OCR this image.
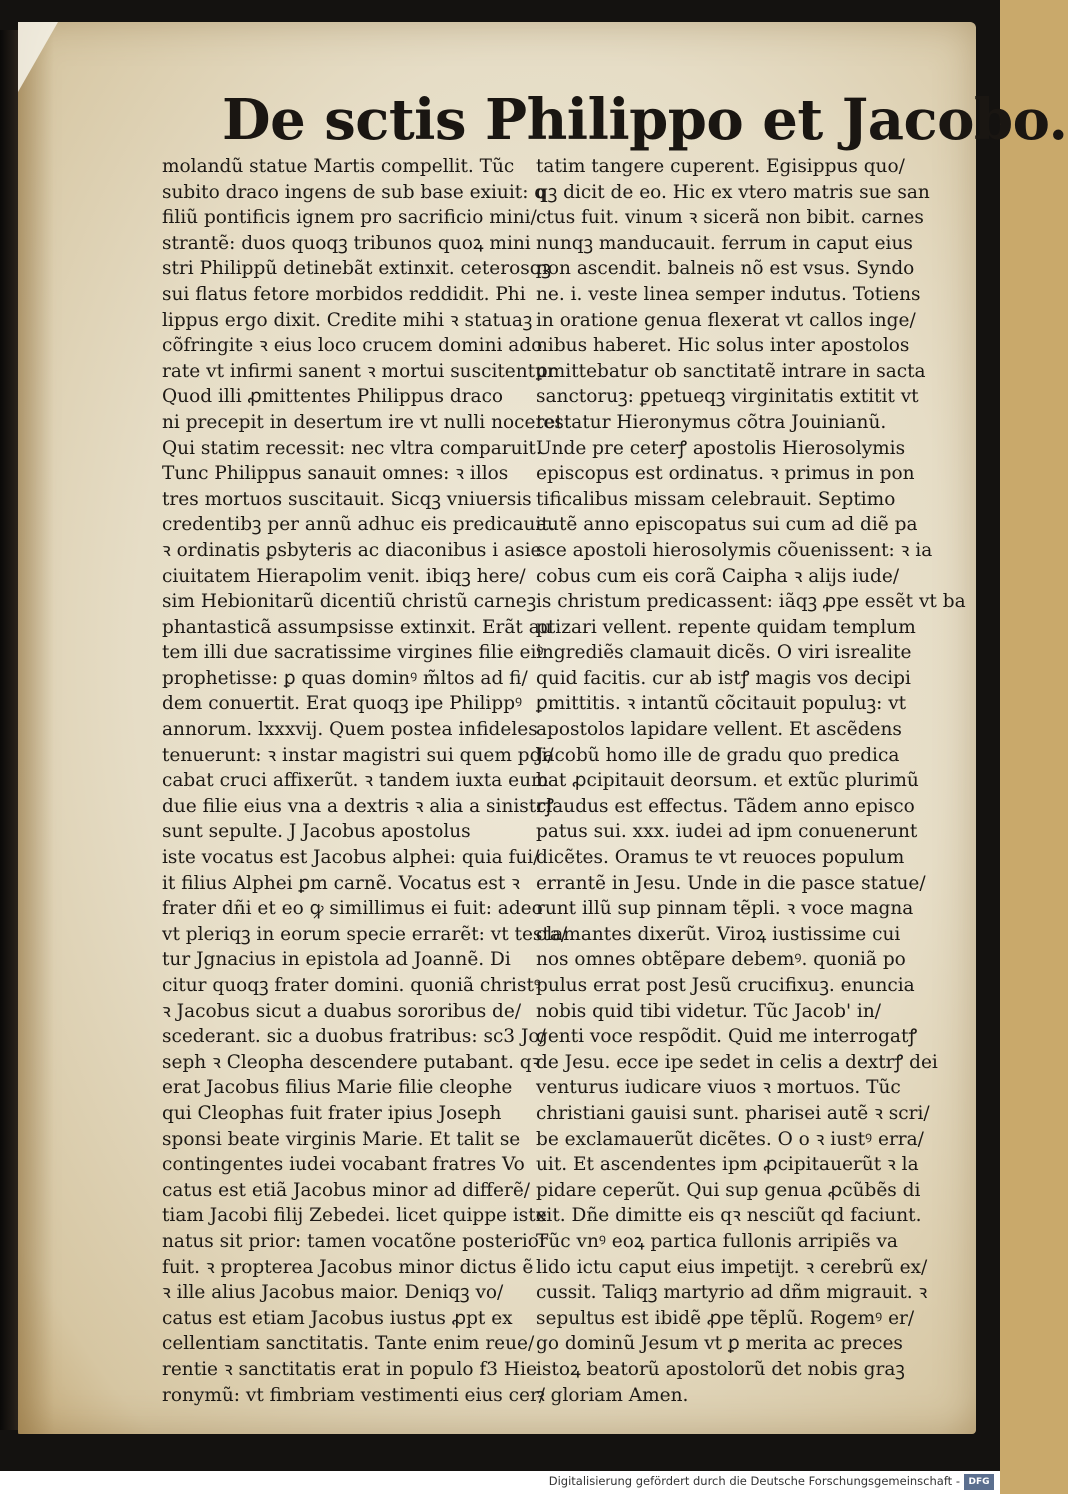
De sctis Philippo et Jacobo.
molandũ statue Martis compellit. Tũc
subito draco ingens de sub base exiuit: q
filiũ pontificis ignem pro sacrificio mini/
strantẽ: duos quoqꝫ tribunos quoꝝ mini
stri Philippũ detinebãt extinxit. ceterosqꝫ
sui flatus fetore morbidos reddidit. Phi
lippus ergo dixit. Credite mihi ꝛ statuaꝫ
cõfringite ꝛ eius loco crucem domini ado
rate vt infirmi sanent ꝛ mortui suscitentur
Quod illi ꝓmittentes Philippus draco
ni precepit in desertum ire vt nulli noceret
Qui statim recessit: nec vltra comparuit.
Tunc Philippus sanauit omnes: ꝛ illos
tres mortuos suscitauit. Sicqꝫ vniuersis
credentibꝫ per annũ adhuc eis predicauit.
ꝛ ordinatis ꝑsbyteris ac diaconibus i asie
ciuitatem Hierapolim venit. ibiqꝫ here/
sim Hebionitarũ dicentiũ christũ carneꝫ
phantasticã assumpsisse extinxit. Erãt au
tem illi due sacratissime virgines filie eiꝰ
prophetisse: ꝑ quas dominꝰ m̃ltos ad fi/
dem conuertit. Erat quoqꝫ ipe Philippꝰ
annorum. lxxxvij. Quem postea infideles
tenuerunt: ꝛ instar magistri sui quem pdi/
cabat cruci affixerũt. ꝛ tandem iuxta eum
due filie eius vna a dextris ꝛ alia a sinistrꝭ
sunt sepulte. J Jacobus apostolus
iste vocatus est Jacobus alphei: quia fui/
it filius Alphei ꝑm carnẽ. Vocatus est ꝛ
frater dñi et eo ꝙ simillimus ei fuit: adeo
vt pleriqꝫ in eorum specie errarẽt: vt testa/
tur Jgnacius in epistola ad Joannẽ. Di
citur quoqꝫ frater domini. quoniã christꝰ
ꝛ Jacobus sicut a duabus sororibus de/
scederant. sic a duobus fratribus: sc3 Jo/
seph ꝛ Cleopha descendere putabant. qꝛ
erat Jacobus filius Marie filie cleophe
qui Cleophas fuit frater ipius Joseph
sponsi beate virginis Marie. Et talit se
contingentes iudei vocabant fratres Vo
catus est etiã Jacobus minor ad differẽ/
tiam Jacobi filij Zebedei. licet quippe iste
natus sit prior: tamen vocatõne posterior
fuit. ꝛ propterea Jacobus minor dictus ẽ
ꝛ ille alius Jacobus maior. Deniqꝫ vo/
catus est etiam Jacobus iustus ꝓpt ex
cellentiam sanctitatis. Tante enim reue/
rentie ꝛ sanctitatis erat in populo f3 Hie
ronymũ: vt fimbriam vestimenti eius cer/
tatim tangere cuperent. Egisippus quo/
qꝫ dicit de eo. Hic ex vtero matris sue san
ctus fuit. vinum ꝛ sicerã non bibit. carnes
nunqꝫ manducauit. ferrum in caput eius
non ascendit. balneis nõ est vsus. Syndo
ne. i. veste linea semper indutus. Totiens
in oratione genua flexerat vt callos inge/
nibus haberet. Hic solus inter apostolos
ꝑmittebatur ob sanctitatẽ intrare in sacta
sanctoruꝫ: ꝑpetueqꝫ virginitatis extitit vt
testatur Hieronymus cõtra Jouinianũ.
Unde pre ceterꝭ apostolis Hierosolymis
episcopus est ordinatus. ꝛ primus in pon
tificalibus missam celebrauit. Septimo
autẽ anno episcopatus sui cum ad diẽ pa
sce apostoli hierosolymis cõuenissent: ꝛ ia
cobus cum eis corã Caipha ꝛ alijs iude/
is christum predicassent: iãqꝫ ꝓpe essẽt vt ba
ptizari vellent. repente quidam templum
ingrediẽs clamauit dicẽs. O viri isrealite
quid facitis. cur ab istꝭ magis vos decipi
ꝑmittitis. ꝛ intantũ cõcitauit populuꝫ: vt
apostolos lapidare vellent. Et ascẽdens
Jacobũ homo ille de gradu quo predica
bat ꝓcipitauit deorsum. et extũc plurimũ
claudus est effectus. Tãdem anno episco
patus sui. xxx. iudei ad ipm conuenerunt
dicẽtes. Oramus te vt reuoces populum
errantẽ in Jesu. Unde in die pasce statue/
runt illũ sup pinnam tẽpli. ꝛ voce magna
clamantes dixerũt. Viroꝝ iustissime cui
nos omnes obtẽpare debemꝰ. quoniã po
pulus errat post Jesũ crucifixuꝫ. enuncia
nobis quid tibi videtur. Tũc Jacob' in/
genti voce respõdit. Quid me interrogatꝭ
de Jesu. ecce ipe sedet in celis a dextrꝭ dei
venturus iudicare viuos ꝛ mortuos. Tũc
christiani gauisi sunt. pharisei autẽ ꝛ scri/
be exclamauerũt dicẽtes. O o ꝛ iustꝰ erra/
uit. Et ascendentes ipm ꝓcipitauerũt ꝛ la
pidare ceperũt. Qui sup genua ꝓcũbẽs di
xit. Dñe dimitte eis qꝛ nesciũt qd faciunt.
Tũc vnꝰ eoꝝ partica fullonis arripiẽs va
lido ictu caput eius impetijt. ꝛ cerebrũ ex/
cussit. Taliqꝫ martyrio ad dñm migrauit. ꝛ
sepultus est ibidẽ ꝓpe tẽplũ. Rogemꝰ er/
go dominũ Jesum vt ꝑ merita ac preces
istoꝝ beatorũ apostolorũ det nobis graꝫ
ꝛ gloriam Amen.
Digitalisierung gefördert durch die Deutsche Forschungsgemeinschaft - DFG
